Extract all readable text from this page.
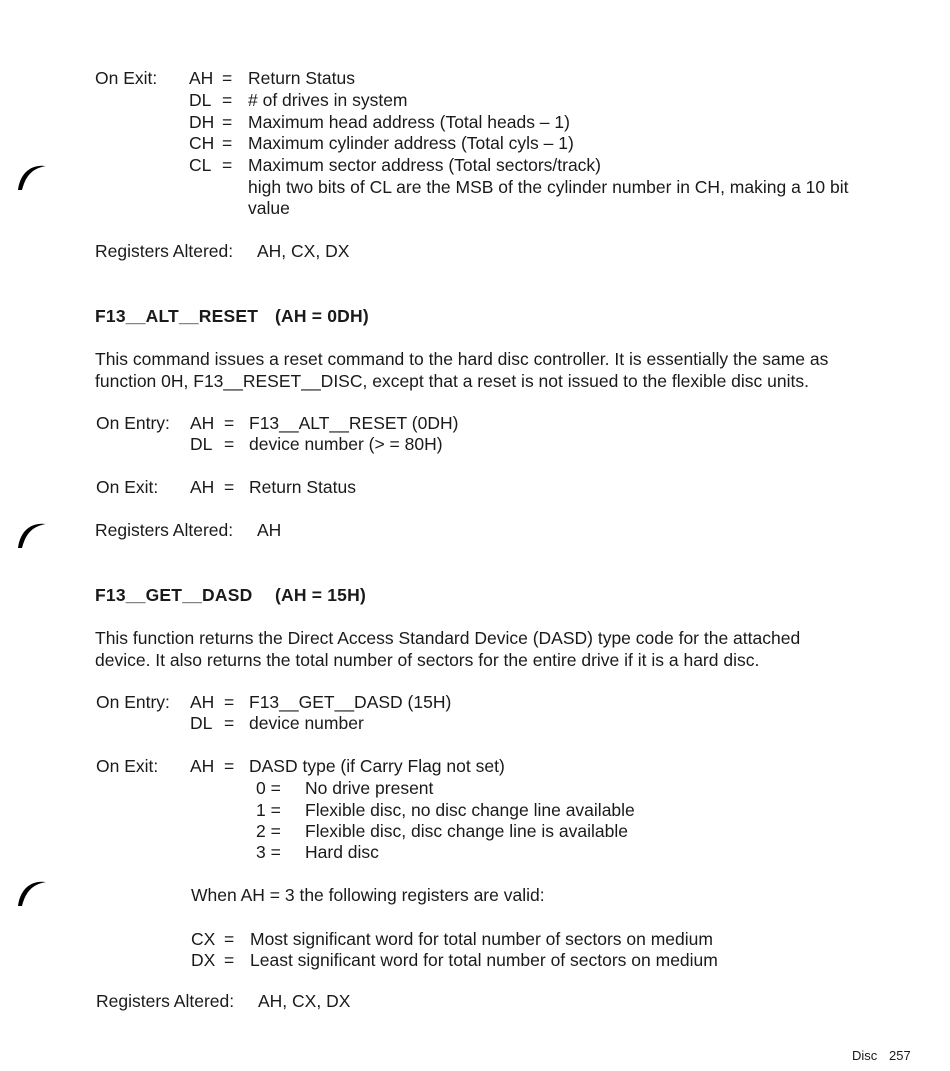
On Exit: AH = Return Status
DL = # of drives in system
DH = Maximum head address (Total heads – 1)
CH = Maximum cylinder address (Total cyls – 1)
CL = Maximum sector address (Total sectors/track)
high two bits of CL are the MSB of the cylinder number in CH, making a 10 bit
value
Registers Altered: AH, CX, DX
F13__ALT__RESET (AH = 0DH)
This command issues a reset command to the hard disc controller. It is essentially the same as
function 0H, F13__RESET__DISC, except that a reset is not issued to the flexible disc units.
On Entry: AH = F13__ALT__RESET (0DH)
DL = device number (> = 80H)
On Exit: AH = Return Status
Registers Altered: AH
F13__GET__DASD (AH = 15H)
This function returns the Direct Access Standard Device (DASD) type code for the attached
device. It also returns the total number of sectors for the entire drive if it is a hard disc.
On Entry: AH = F13__GET__DASD (15H)
DL = device number
On Exit: AH = DASD type (if Carry Flag not set)
0 = No drive present
1 = Flexible disc, no disc change line available
2 = Flexible disc, disc change line is available
3 = Hard disc
When AH = 3 the following registers are valid:
CX = Most significant word for total number of sectors on medium
DX = Least significant word for total number of sectors on medium
Registers Altered: AH, CX, DX
Disc 257
